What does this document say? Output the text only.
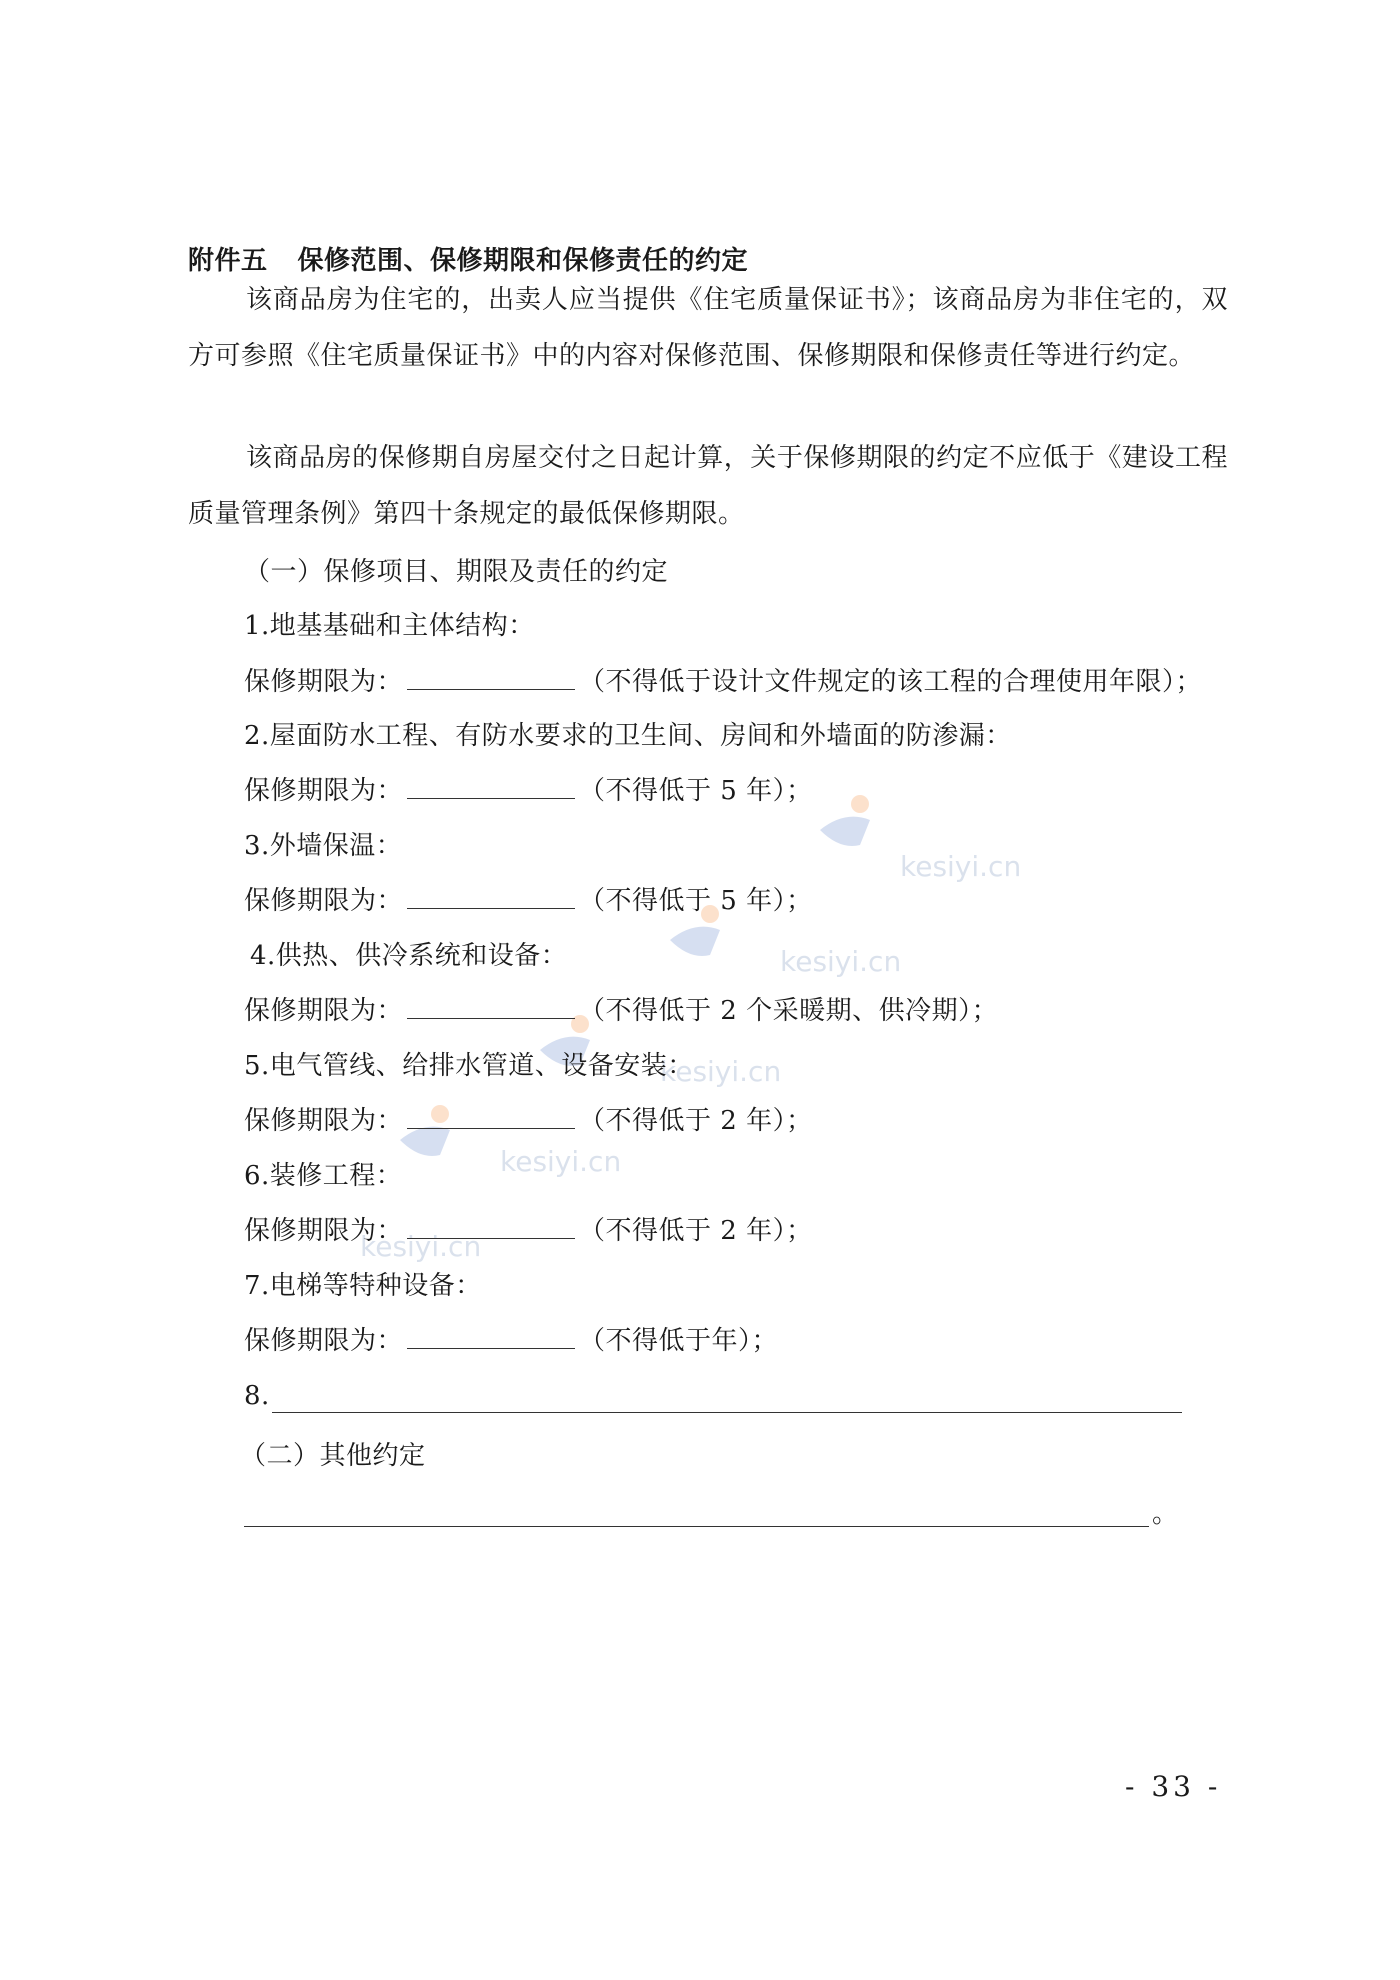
kesiyi.cn
kesiyi.cn
kesiyi.cn
kesiyi.cn
kesiyi.cn
附件五 保修范围、保修期限和保修责任的约定
该商品房为住宅的，出卖人应当提供《住宅质量保证书》；该商品房为非住宅的，双方可参照《住宅质量保证书》中的内容对保修范围、保修期限和保修责任等进行约定。
该商品房的保修期自房屋交付之日起计算，关于保修期限的约定不应低于《建设工程质量管理条例》第四十条规定的最低保修期限。
（一）保修项目、期限及责任的约定
1.地基基础和主体结构：
保修期限为：	（不得低于设计文件规定的该工程的合理使用年限）；
2.屋面防水工程、有防水要求的卫生间、房间和外墙面的防渗漏：
保修期限为：	（不得低于 5 年）；
3.外墙保温：
保修期限为：	（不得低于 5 年）；
4.供热、供冷系统和设备：
保修期限为：	（不得低于 2 个采暖期、供冷期）；
5.电气管线、给排水管道、设备安装：
保修期限为：	（不得低于 2 年）；
6.装修工程：
保修期限为：	（不得低于 2 年）；
7.电梯等特种设备：
保修期限为：	（不得低于年）；
8.
（二）其他约定
。
- 33 -
